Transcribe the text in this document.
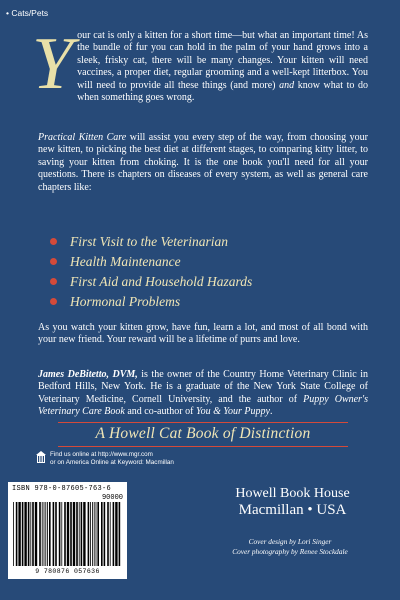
• Cats/Pets
Your cat is only a kitten for a short time—but what an important time! As the bundle of fur you can hold in the palm of your hand grows into a sleek, frisky cat, there will be many changes. Your kitten will need vaccines, a proper diet, regular grooming and a well-kept litterbox. You will need to provide all these things (and more) and know what to do when something goes wrong.
Practical Kitten Care will assist you every step of the way, from choosing your new kitten, to picking the best diet at different stages, to comparing kitty litter, to saving your kitten from choking. It is the one book you'll need for all your questions. There is chapters on diseases of every system, as well as general care chapters like:
First Visit to the Veterinarian
Health Maintenance
First Aid and Household Hazards
Hormonal Problems
As you watch your kitten grow, have fun, learn a lot, and most of all bond with your new friend. Your reward will be a lifetime of purrs and love.
James DeBitetto, DVM, is the owner of the Country Home Veterinary Clinic in Bedford Hills, New York. He is a graduate of the New York State College of Veterinary Medicine, Cornell University, and the author of Puppy Owner's Veterinary Care Book and co-author of You & Your Puppy.
A Howell Cat Book of Distinction
Find us online at http://www.mgr.com
or on America Online at Keyword: Macmillan
ISBN 978-0-87605-763-6
90000
9 780876 057636
Howell Book House
Macmillan • USA
Cover design by Lori Singer
Cover photography by Renee Stockdale
